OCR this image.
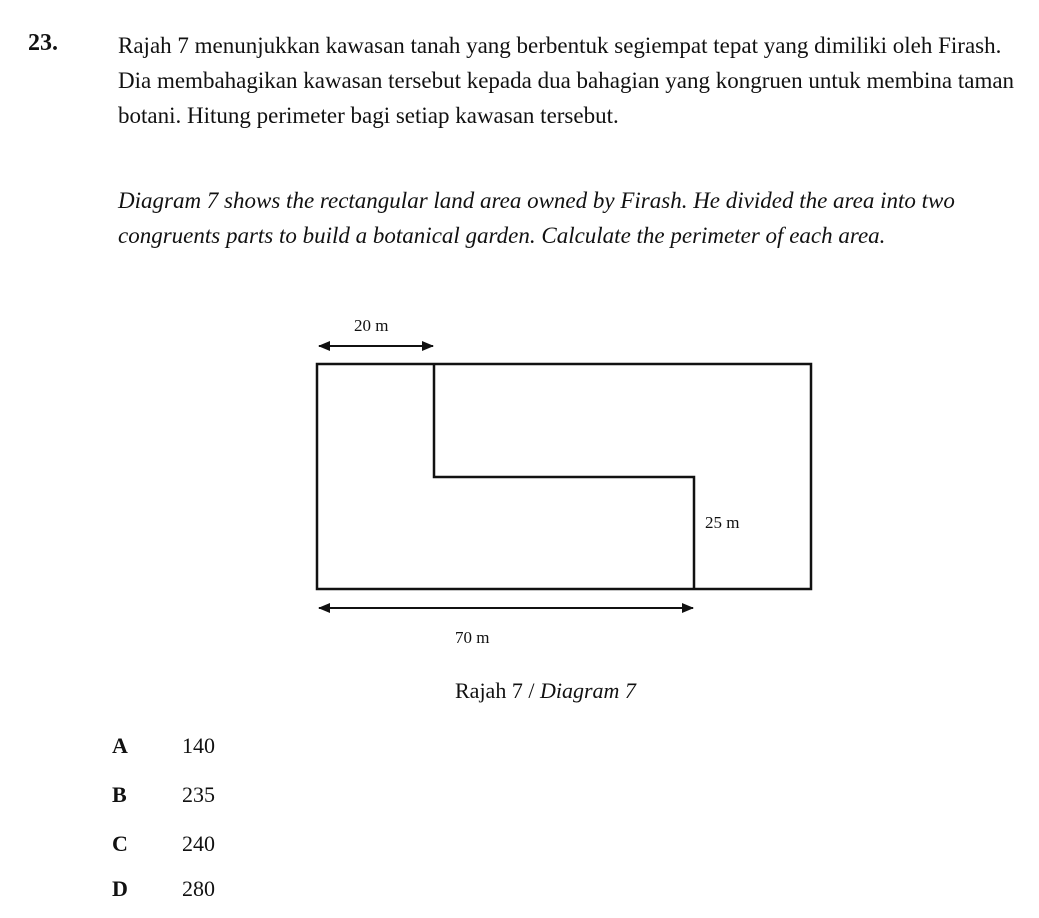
23.	Rajah 7 menunjukkan kawasan tanah yang berbentuk segiempat tepat yang dimiliki oleh Firash. Dia membahagikan kawasan tersebut kepada dua bahagian yang kongruen untuk membina taman botani. Hitung perimeter bagi setiap kawasan tersebut.

Diagram 7 shows the rectangular land area owned by Firash. He divided the area into two congruents parts to build a botanical garden. Calculate the perimeter of each area.

20 m
25 m
70 m
Rajah 7 / Diagram 7
A 140
B	235
C 240
D 280
